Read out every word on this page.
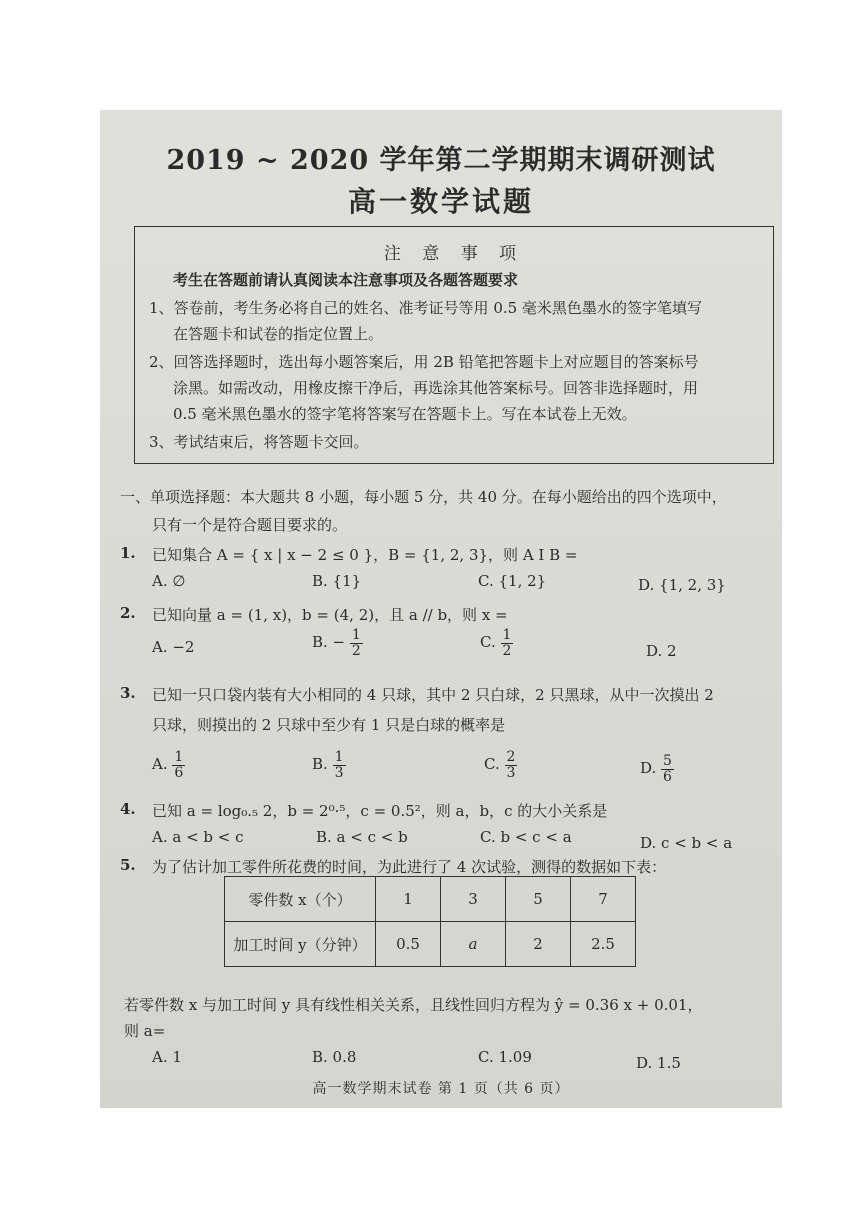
2019 ~ 2020 学年第二学期期末调研测试
高一数学试题
注 意 事 项
考生在答题前请认真阅读本注意事项及各题答题要求
1、答卷前，考生务必将自己的姓名、准考证号等用 0.5 毫米黑色墨水的签字笔填写
在答题卡和试卷的指定位置上。
2、回答选择题时，选出每小题答案后，用 2B 铅笔把答题卡上对应题目的答案标号
涂黑。如需改动，用橡皮擦干净后，再选涂其他答案标号。回答非选择题时，用
0.5 毫米黑色墨水的签字笔将答案写在答题卡上。写在本试卷上无效。
3、考试结束后，将答题卡交回。
一、单项选择题：本大题共 8 小题，每小题 5 分，共 40 分。在每小题给出的四个选项中，
只有一个是符合题目要求的。
1. 已知集合 A = { x | x − 2 ≤ 0 }，B = {1, 2, 3}，则 A I B =
A. ∅	B. {1}	C. {1, 2}	D. {1, 2, 3}
2. 已知向量 a = (1, x)，b = (4, 2)，且 a // b，则 x =
A. −2	B. − $\frac{1}{2}$	C. $\frac{1}{2}$	D. 2
3. 已知一只口袋内装有大小相同的 4 只球，其中 2 只白球，2 只黑球，从中一次摸出 2
只球，则摸出的 2 只球中至少有 1 只是白球的概率是
A. $\frac{1}{6}$	B. $\frac{1}{3}$	C. $\frac{2}{3}$	D. $\frac{5}{6}$
4. 已知 a = log₀.₅ 2，b = 2⁰·⁵，c = 0.5²，则 a，b，c 的大小关系是
A. a < b < c	B. a < c < b	C. b < c < a	D. c < b < a
5. 为了估计加工零件所花费的时间，为此进行了 4 次试验，测得的数据如下表：
零件数 x（个）	1	3	5	7
加工时间 y（分钟）	0.5	a	2	2.5
若零件数 x 与加工时间 y 具有线性相关关系，且线性回归方程为 ŷ = 0.36 x + 0.01，
则 a=
A. 1	B. 0.8	C. 1.09	D. 1.5
高一数学期末试卷 第 1 页（共 6 页）
